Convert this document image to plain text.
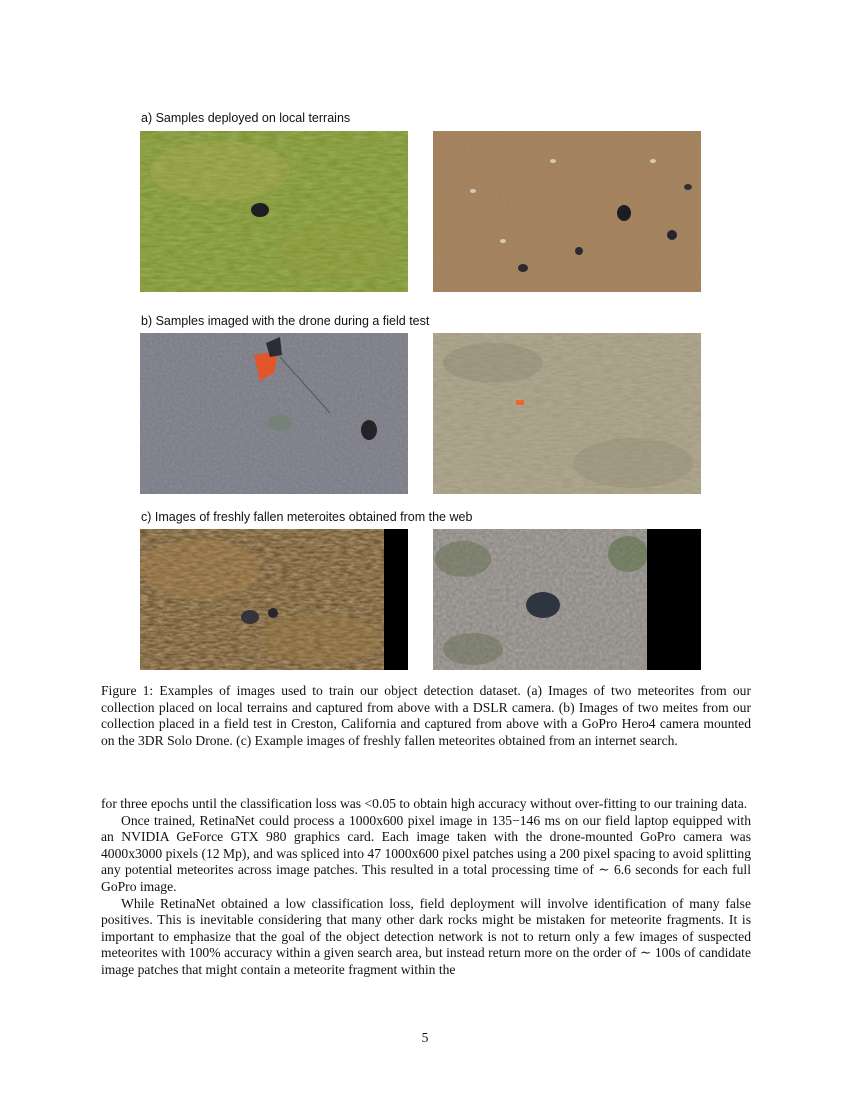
a) Samples deployed on local terrains
b) Samples imaged with the drone during a field test
c) Images of freshly fallen meteroites obtained from the web
Figure 1: Examples of images used to train our object detection dataset. (a) Images of two meteorites from our collection placed on local terrains and captured from above with a DSLR camera. (b) Images of two meites from our collection placed in a field test in Creston, California and captured from above with a GoPro Hero4 camera mounted on the 3DR Solo Drone. (c) Example images of freshly fallen meteorites obtained from an internet search.

for three epochs until the classification loss was <0.05 to obtain high accuracy without over-fitting to our training data.

Once trained, RetinaNet could process a 1000x600 pixel image in 135−146 ms on our field laptop equipped with an NVIDIA GeForce GTX 980 graphics card. Each image taken with the drone-mounted GoPro camera was 4000x3000 pixels (12 Mp), and was spliced into 47 1000x600 pixel patches using a 200 pixel spacing to avoid splitting any potential meteorites across image patches. This resulted in a total processing time of ∼ 6.6 seconds for each full GoPro image.

While RetinaNet obtained a low classification loss, field deployment will involve identification of many false positives. This is inevitable considering that many other dark rocks might be mistaken for meteorite fragments. It is important to emphasize that the goal of the object detection network is not to return only a few images of suspected meteorites with 100% accuracy within a given search area, but instead return more on the order of ∼ 100s of candidate image patches that might contain a meteorite fragment within the

5
